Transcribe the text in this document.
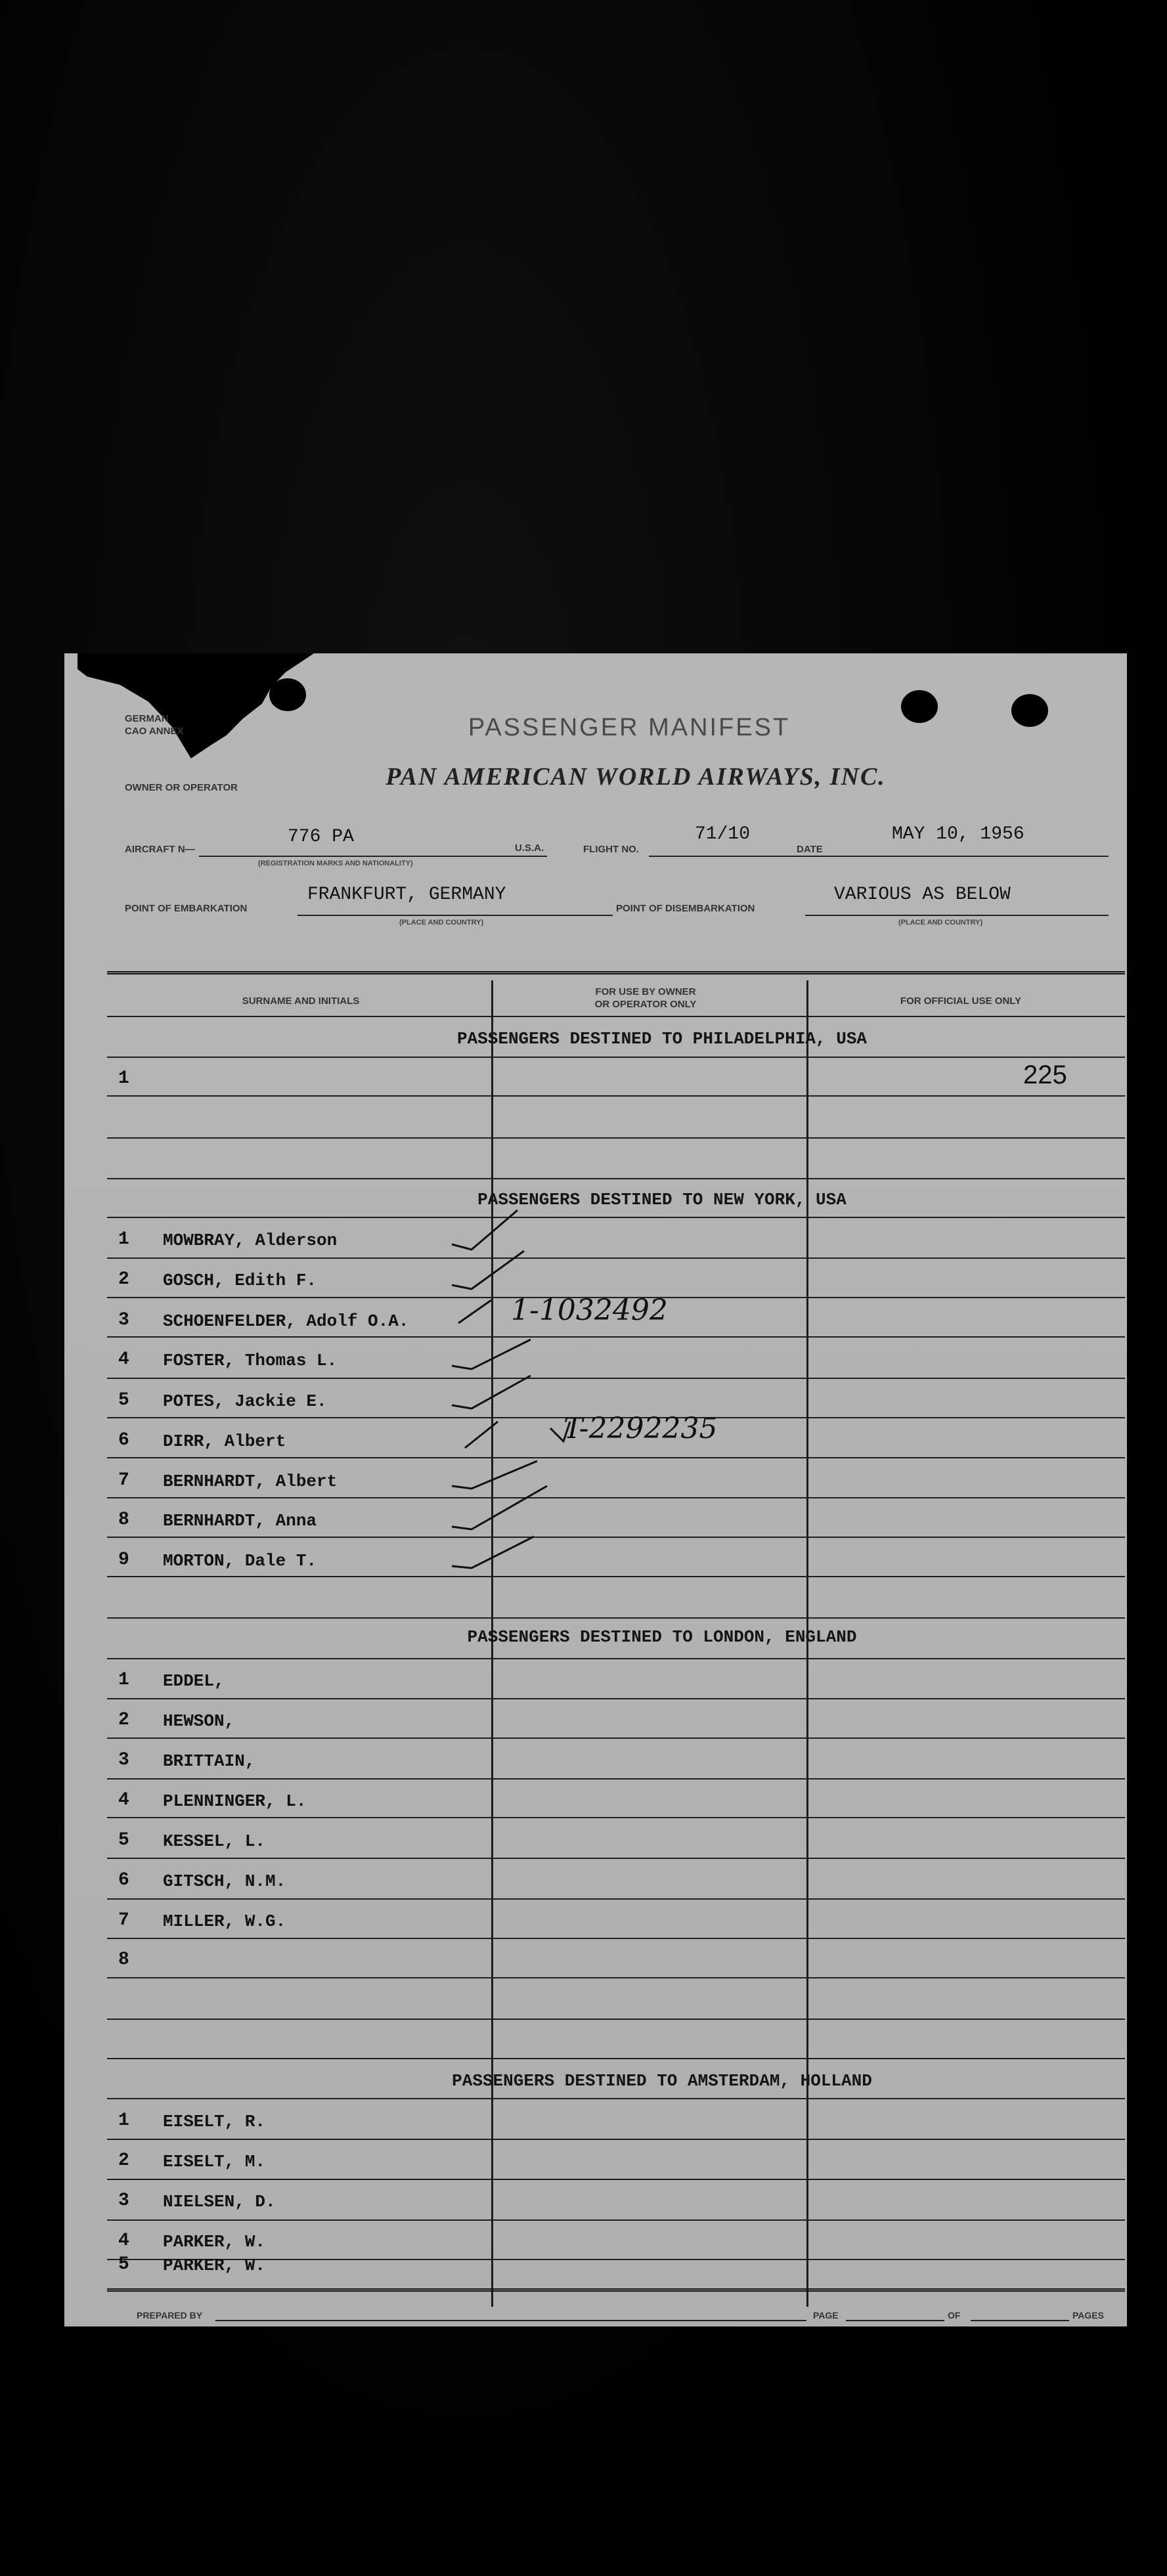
GERMAN
CAO ANNEX	PASSENGER MANIFEST
OWNER OR OPERATOR	PAN AMERICAN WORLD AIRWAYS, INC.
AIRCRAFT N—
776 PA
(REGISTRATION MARKS AND NATIONALITY)
U.S.A.	FLIGHT NO.
71/10
DATE
MAY 10, 1956
POINT OF EMBARKATION
FRANKFURT, GERMANY
(PLACE AND COUNTRY)
POINT OF DISEMBARKATION
VARIOUS AS BELOW
(PLACE AND COUNTRY)
SURNAME AND INITIALS
FOR USE BY OWNER
OR OPERATOR ONLY	FOR OFFICIAL USE ONLY
PASSENGERS DESTINED TO PHILADELPHIA, USA
1	225
PASSENGERS DESTINED TO NEW YORK, USA
1	MOWBRAY, Alderson
2	GOSCH, Edith F.
3	SCHOENFELDER, Adolf O.A.
4	FOSTER, Thomas L.
5	POTES, Jackie E.
6	DIRR, Albert
7	BERNHARDT, Albert
8	BERNHARDT, Anna
9	MORTON, Dale T.
1-1032492
T-2292235
PASSENGERS DESTINED TO LONDON, ENGLAND
1	EDDEL,
2	HEWSON,
3	BRITTAIN,
4	PLENNINGER, L.
5	KESSEL, L.
6	GITSCH, N.M.
7	MILLER, W.G.
8
PASSENGERS DESTINED TO AMSTERDAM, HOLLAND
1	EISELT, R.
2	EISELT, M.
3	NIELSEN, D.
4	PARKER, W.
5	PARKER, W.
PREPARED BY	PAGE	OF	PAGES
